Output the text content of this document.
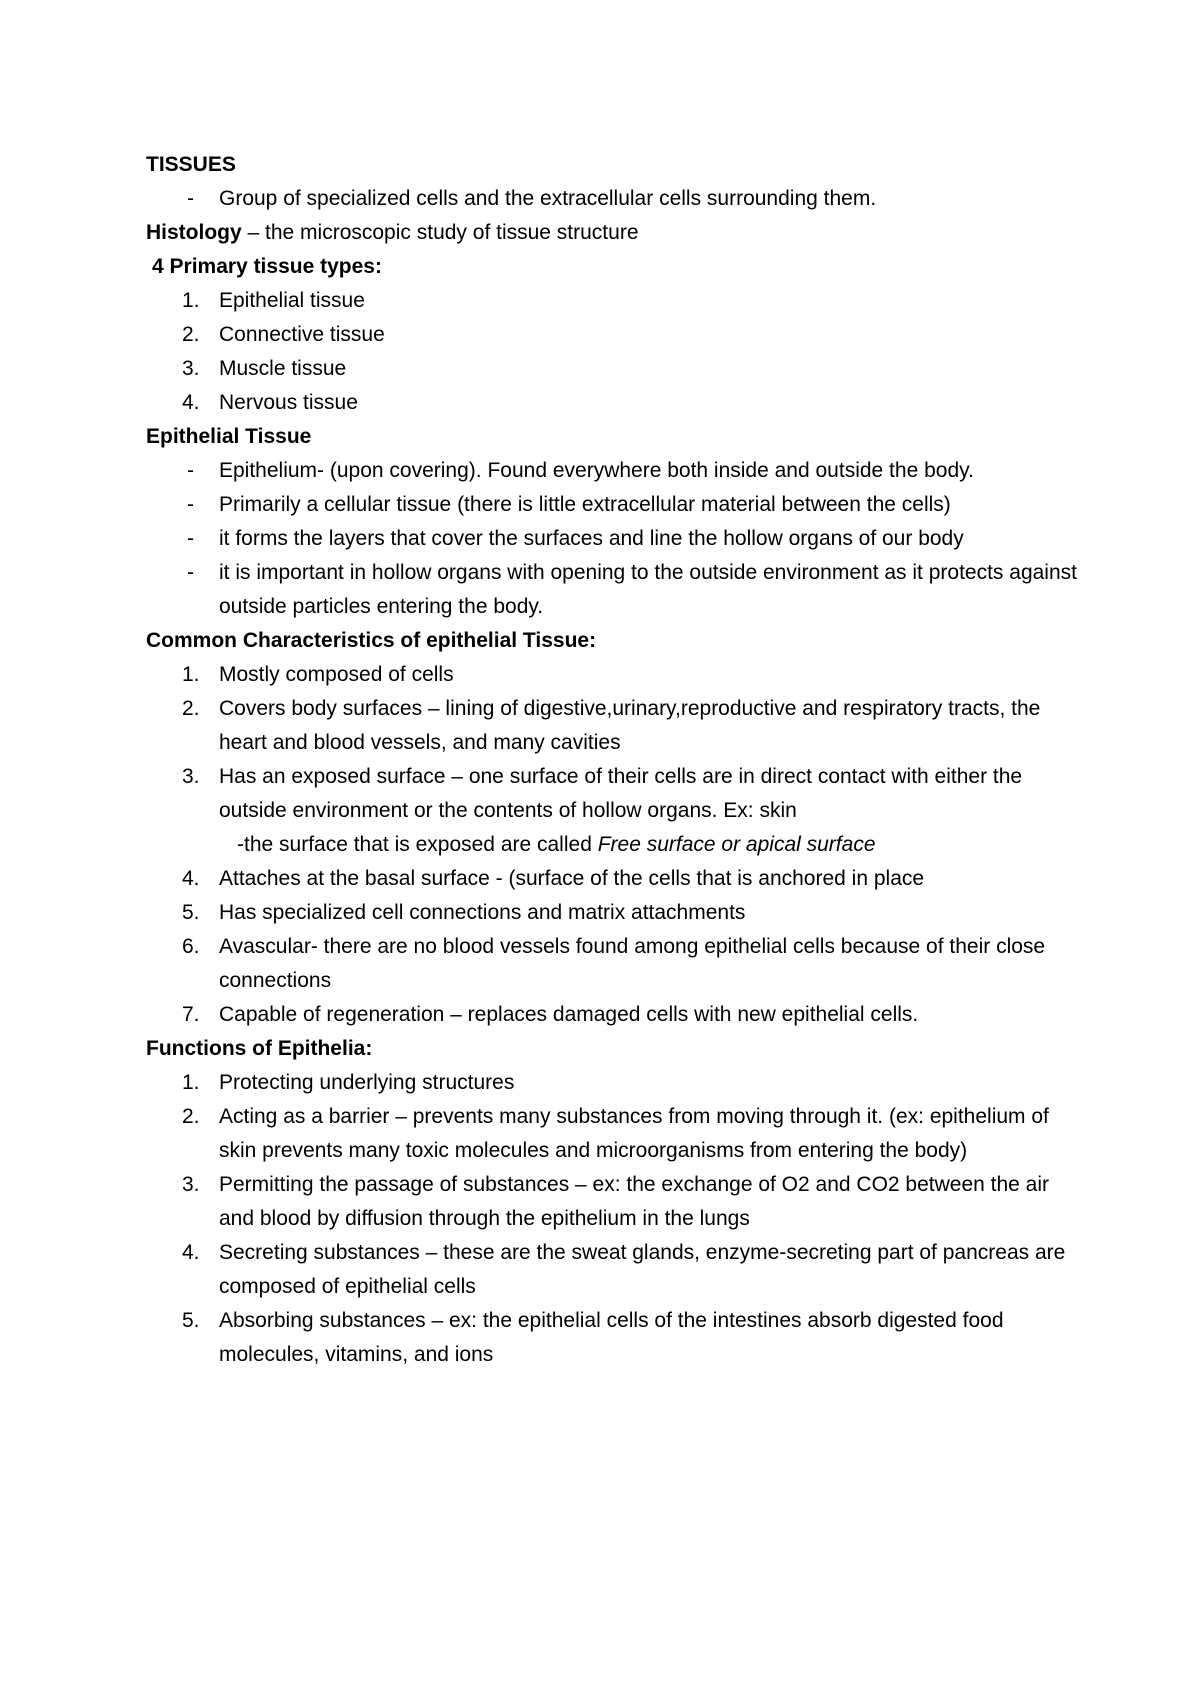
TISSUES

- Group of specialized cells and the extracellular cells surrounding them.

Histology – the microscopic study of tissue structure

4 Primary tissue types:

1. Epithelial tissue
2. Connective tissue
3. Muscle tissue
4. Nervous tissue

Epithelial Tissue

- Epithelium- (upon covering). Found everywhere both inside and outside the body.
- Primarily a cellular tissue (there is little extracellular material between the cells)
- it forms the layers that cover the surfaces and line the hollow organs of our body
- it is important in hollow organs with opening to the outside environment as it protects against outside particles entering the body.

Common Characteristics of epithelial Tissue:

1. Mostly composed of cells
2. Covers body surfaces – lining of digestive,urinary,reproductive and respiratory tracts, the heart and blood vessels, and many cavities
3. Has an exposed surface – one surface of their cells are in direct contact with either the outside environment or the contents of hollow organs. Ex: skin

-the surface that is exposed are called Free surface or apical surface

4. Attaches at the basal surface - (surface of the cells that is anchored in place
5. Has specialized cell connections and matrix attachments
6. Avascular- there are no blood vessels found among epithelial cells because of their close connections
7. Capable of regeneration – replaces damaged cells with new epithelial cells.

Functions of Epithelia:

1. Protecting underlying structures
2. Acting as a barrier – prevents many substances from moving through it. (ex: epithelium of skin prevents many toxic molecules and microorganisms from entering the body)
3. Permitting the passage of substances – ex: the exchange of O2 and CO2 between the air and blood by diffusion through the epithelium in the lungs
4. Secreting substances – these are the sweat glands, enzyme-secreting part of pancreas are composed of epithelial cells
5. Absorbing substances – ex: the epithelial cells of the intestines absorb digested food molecules, vitamins, and ions
